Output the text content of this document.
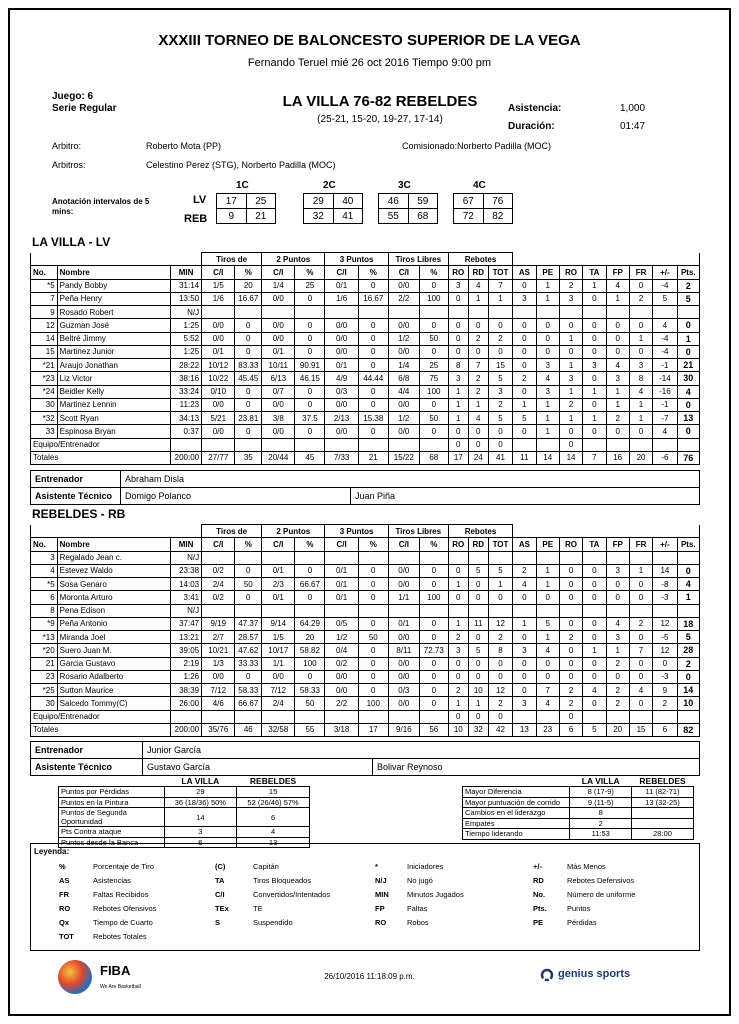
XXXIII TORNEO DE BALONCESTO SUPERIOR DE LA VEGA
Fernando Teruel mié 26 oct 2016 Tiempo 9:00 pm
Juego: 6
Serie Regular	LA VILLA 76-82 REBELDES
(25-21, 15-20, 19-27, 17-14)
Asistencia:	1,000
Duración:	01:47
Arbitro:	Roberto Mota (PP)	Comisionado:Norberto Padilla (MOC)
Arbitros:	Celestino Perez (STG), Norberto Padilla (MOC)
Anotación intervalos de 5 mins:
LV
REB
1C
17	25
9	21
2C
29	40
32	41
3C
46	59
55	68
4C
67	76
72	82
LA VILLA - LV
			Tiros de		2 Puntos		3 Puntos		Tiros Libres		Rebotes										
No.	Nombre	MIN	C/I	%	C/I	%	C/I	%	C/I	%	RO	RD	TOT	AS	PE	RO	TA	FP	FR	+/-	Pts.
*5	Pandy Bobby	31:14	1/5	20	1/4	25	0/1	0	0/0	0	3	4	7	0	1	2	1	4	0	-4	2
7	Peña Henry	13:50	1/6	16.67	0/0	0	1/6	16.67	2/2	100	0	1	1	3	1	3	0	1	2	5	5
9	Rosado Robert	N/J																			
12	Guzman José	1:25	0/0	0	0/0	0	0/0	0	0/0	0	0	0	0	0	0	0	0	0	0	4	0
14	Beltré Jimmy	5:52	0/0	0	0/0	0	0/0	0	1/2	50	0	2	2	0	0	1	0	0	1	-4	1
15	Martinez Junior	1:25	0/1	0	0/1	0	0/0	0	0/0	0	0	0	0	0	0	0	0	0	0	-4	0
*21	Araujo Jonathan	28:22	10/12	83.33	10/11	90.91	0/1	0	1/4	25	8	7	15	0	3	1	3	4	3	-1	21
*23	Liz Victor	38:16	10/22	45.45	6/13	46.15	4/9	44.44	6/8	75	3	2	5	2	4	3	0	3	8	-14	30
*24	Beidler Kelly	33:24	0/10	0	0/7	0	0/3	0	4/4	100	1	2	3	0	3	1	1	1	4	-16	4
30	Martinez Lennin	11:23	0/0	0	0/0	0	0/0	0	0/0	0	1	1	2	1	1	2	0	1	1	-1	0
*32	Scott Ryan	34:13	5/21	23.81	3/8	37.5	2/13	15.38	1/2	50	1	4	5	5	1	1	1	2	1	-7	13
33	Espinosa Bryan	0:37	0/0	0	0/0	0	0/0	0	0/0	0	0	0	0	0	1	0	0	0	0	4	0
Equipo/Entrenador											0	0	0			0					
Totales		200:00	27/77	35	20/44	45	7/33	21	15/22	68	17	24	41	11	14	14	7	16	20	-6	76
Entrenador	Abraham Disla	
Asistente Técnico	Domigo Polanco	Juan Piña
REBELDES - RB
			Tiros de		2 Puntos		3 Puntos		Tiros Libres		Rebotes										
No.	Nombre	MIN	C/I	%	C/I	%	C/I	%	C/I	%	RO	RD	TOT	AS	PE	RO	TA	FP	FR	+/-	Pts.
3	Regalado Jean c.	N/J																			
4	Estevez Waldo	23:38	0/2	0	0/1	0	0/1	0	0/0	0	0	5	5	2	1	0	0	3	1	14	0
*5	Sosa Genaro	14:03	2/4	50	2/3	66.67	0/1	0	0/0	0	1	0	1	4	1	0	0	0	0	-8	4
6	Moronta Arturo	3:41	0/2	0	0/1	0	0/1	0	1/1	100	0	0	0	0	0	0	0	0	0	-3	1
8	Pena Edison	N/J																			
*9	Peña Antonio	37:47	9/19	47.37	9/14	64.29	0/5	0	0/1	0	1	11	12	1	5	0	0	4	2	12	18
*13	Miranda Joel	13:21	2/7	28.57	1/5	20	1/2	50	0/0	0	2	0	2	0	1	2	0	3	0	-5	5
*20	Suero Juan M.	39:05	10/21	47.62	10/17	58.82	0/4	0	8/11	72.73	3	5	8	3	4	0	1	1	7	12	28
21	Garcia Gustavo	2:19	1/3	33.33	1/1	100	0/2	0	0/0	0	0	0	0	0	0	0	0	2	0	0	2
23	Rosario Adalberto	1:26	0/0	0	0/0	0	0/0	0	0/0	0	0	0	0	0	0	0	0	0	0	-3	0
*25	Sutton Maurice	38:39	7/12	58.33	7/12	58.33	0/0	0	0/3	0	2	10	12	0	7	2	4	2	4	9	14
30	Salcedo Tommy(C)	26:00	4/6	66.67	2/4	50	2/2	100	0/0	0	1	1	2	3	4	2	0	2	0	2	10
Equipo/Entrenador											0	0	0			0					
Totales		200:00	35/76	46	32/58	55	3/18	17	9/16	56	10	32	42	13	23	6	5	20	15	6	82
Entrenador	Junior García	
Asistente Técnico	Gustavo García	Bolivar Reynoso
	LA VILLA	REBELDES
Puntos por Pérdidas	29	15
Puntos en la Pintura	36 (18/36) 50%	52 (26/46) 57%
Puntos de Segunda Oportunidad	14	6
Pts Contra ataque	3	4
Puntos desde la Banca	6	13
	LA VILLA	REBELDES
Mayor Diferencia	8 (17-9)	11 (82-71)
Mayor puntuación de corrido	9 (11-5)	13 (32-25)
Cambios en el liderazgo	8	
Empates	2	
Tiempo liderando	11:53	28:00
Leyenda:
%	Porcentaje de Tiro
AS	Asistencias
FR	Faltas Recibidos
RO	Rebotes Ofensivos
Qx	Tiempo de Cuarto
TOT	Rebotes Totales
(C)	Capitán
TA	Tiros Bloqueados
C/I	Convertidos/Intentados
TEx	TE
S	Suspendido
*	Iniciadores
N/J	No jugó
MIN Minutos Jugados
FP	Faltas
RO	Robos
+/-	Más Menos
RD	Rebotes Defensivos
No.	Número de uniforme
Pts.	Puntos
PE	Pérdidas
FIBA
We Are Basketball
26/10/2016 11:18:09 p.m.	genius sports
